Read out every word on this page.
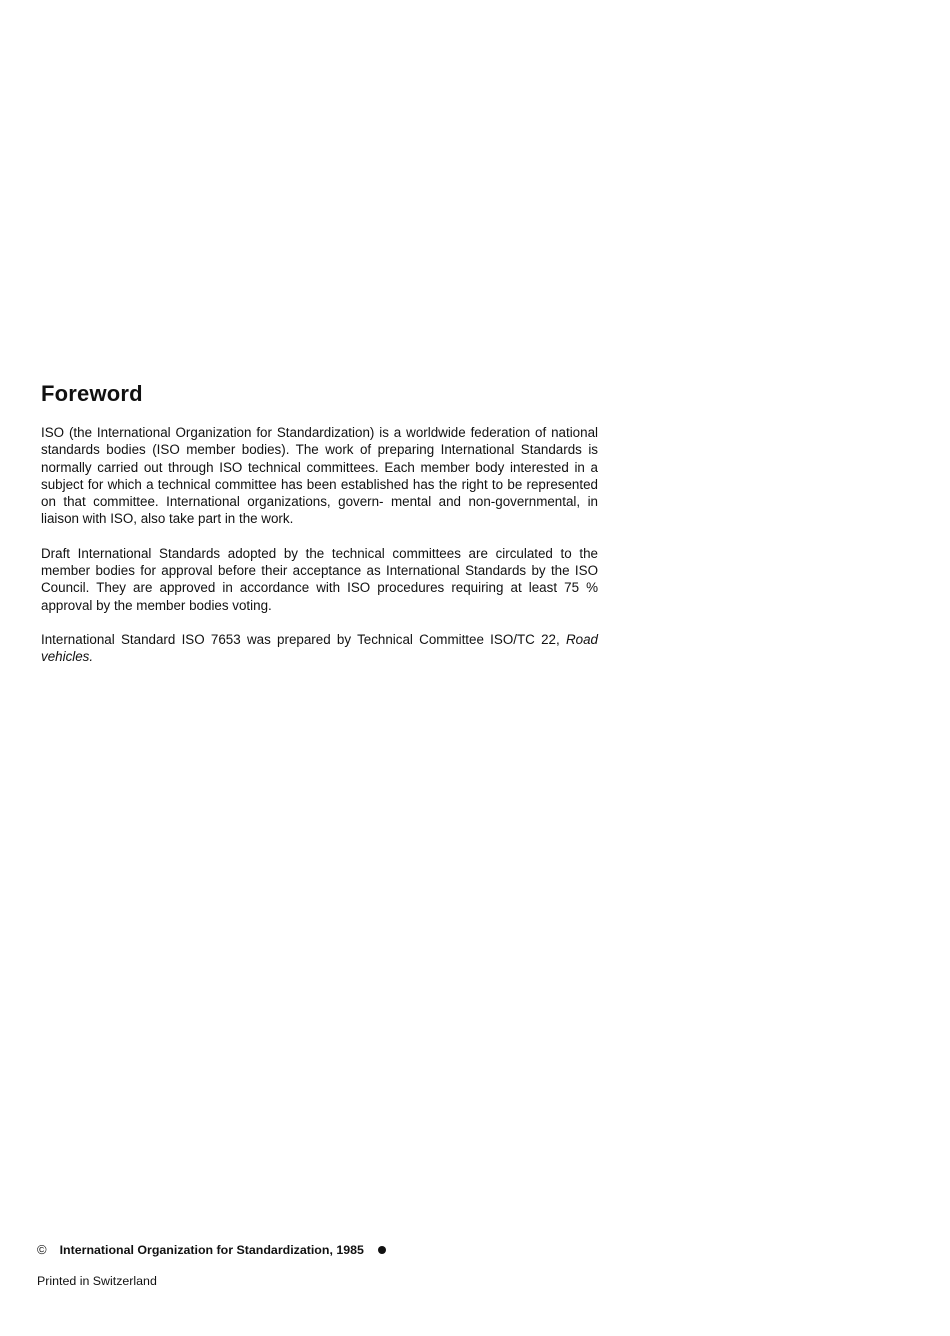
Foreword

ISO (the International Organization for Standardization) is a worldwide federation of national standards bodies (ISO member bodies). The work of preparing International Standards is normally carried out through ISO technical committees. Each member body interested in a subject for which a technical committee has been established has the right to be represented on that committee. International organizations, govern- mental and non-governmental, in liaison with ISO, also take part in the work.

Draft International Standards adopted by the technical committees are circulated to the member bodies for approval before their acceptance as International Standards by the ISO Council. They are approved in accordance with ISO procedures requiring at least 75 % approval by the member bodies voting.

International Standard ISO 7653 was prepared by Technical Committee ISO/TC 22, Road vehicles.

© International Organization for Standardization, 1985
Printed in Switzerland
